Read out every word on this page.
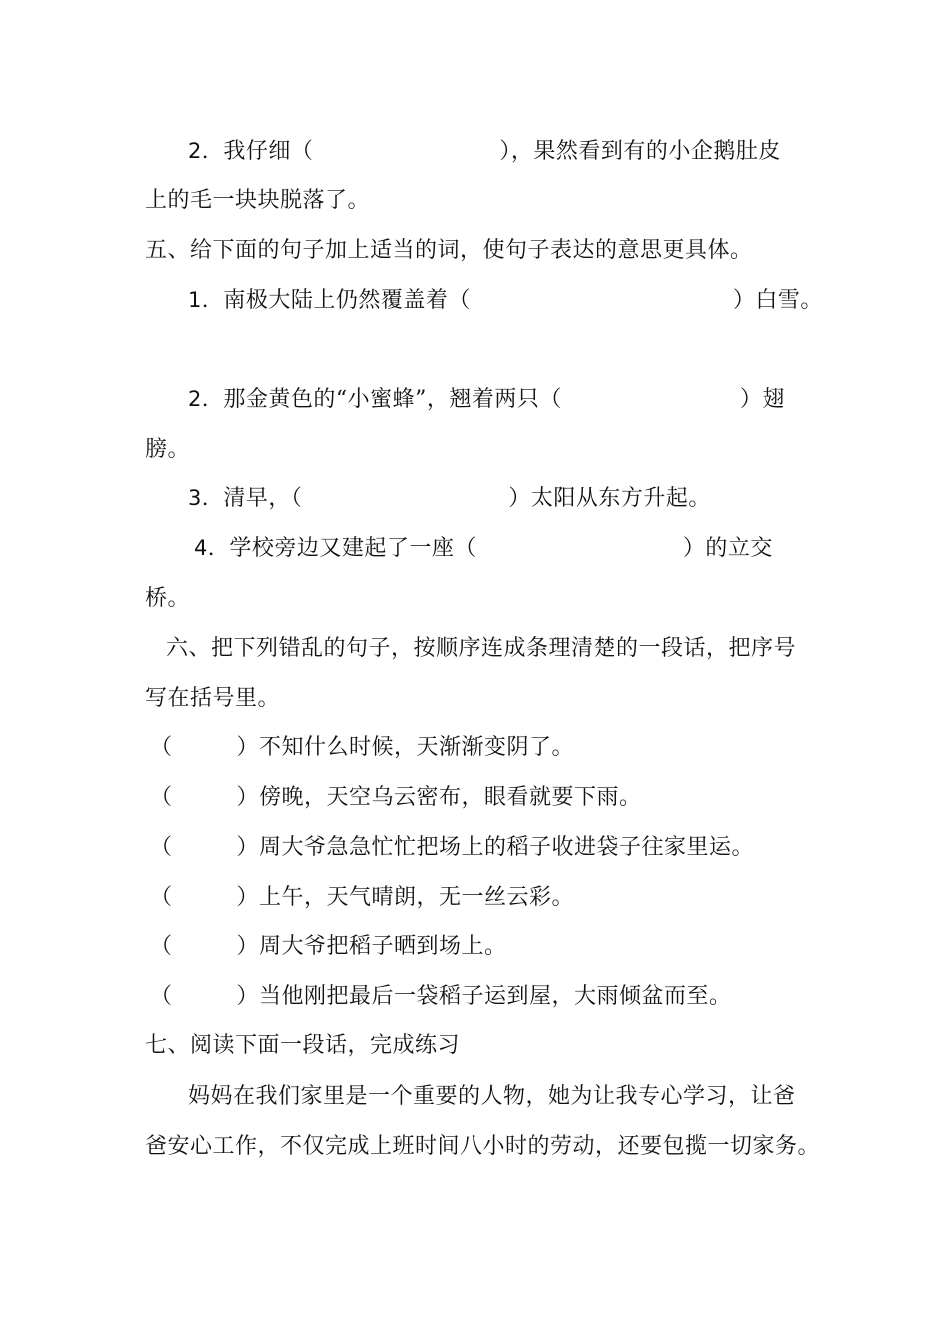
2．我仔细（	），果然看到有的小企鹅肚皮
上的毛一块块脱落了。
五、给下面的句子加上适当的词，使句子表达的意思更具体。
1．南极大陆上仍然覆盖着（	）白雪。
2．那金黄色的“小蜜蜂”，翘着两只（	）翅
膀。
3．清早，（	）太阳从东方升起。
4．学校旁边又建起了一座（	）的立交
桥。
六、把下列错乱的句子，按顺序连成条理清楚的一段话，把序号
写在括号里。
（	）不知什么时候，天渐渐变阴了。
（	）傍晚，天空乌云密布，眼看就要下雨。
（	）周大爷急急忙忙把场上的稻子收进袋子往家里运。
（	）上午，天气晴朗，无一丝云彩。
（	）周大爷把稻子晒到场上。
（	）当他刚把最后一袋稻子运到屋，大雨倾盆而至。
七、阅读下面一段话，完成练习
妈妈在我们家里是一个重要的人物，她为让我专心学习，让爸
爸安心工作，不仅完成上班时间八小时的劳动，还要包揽一切家务。
